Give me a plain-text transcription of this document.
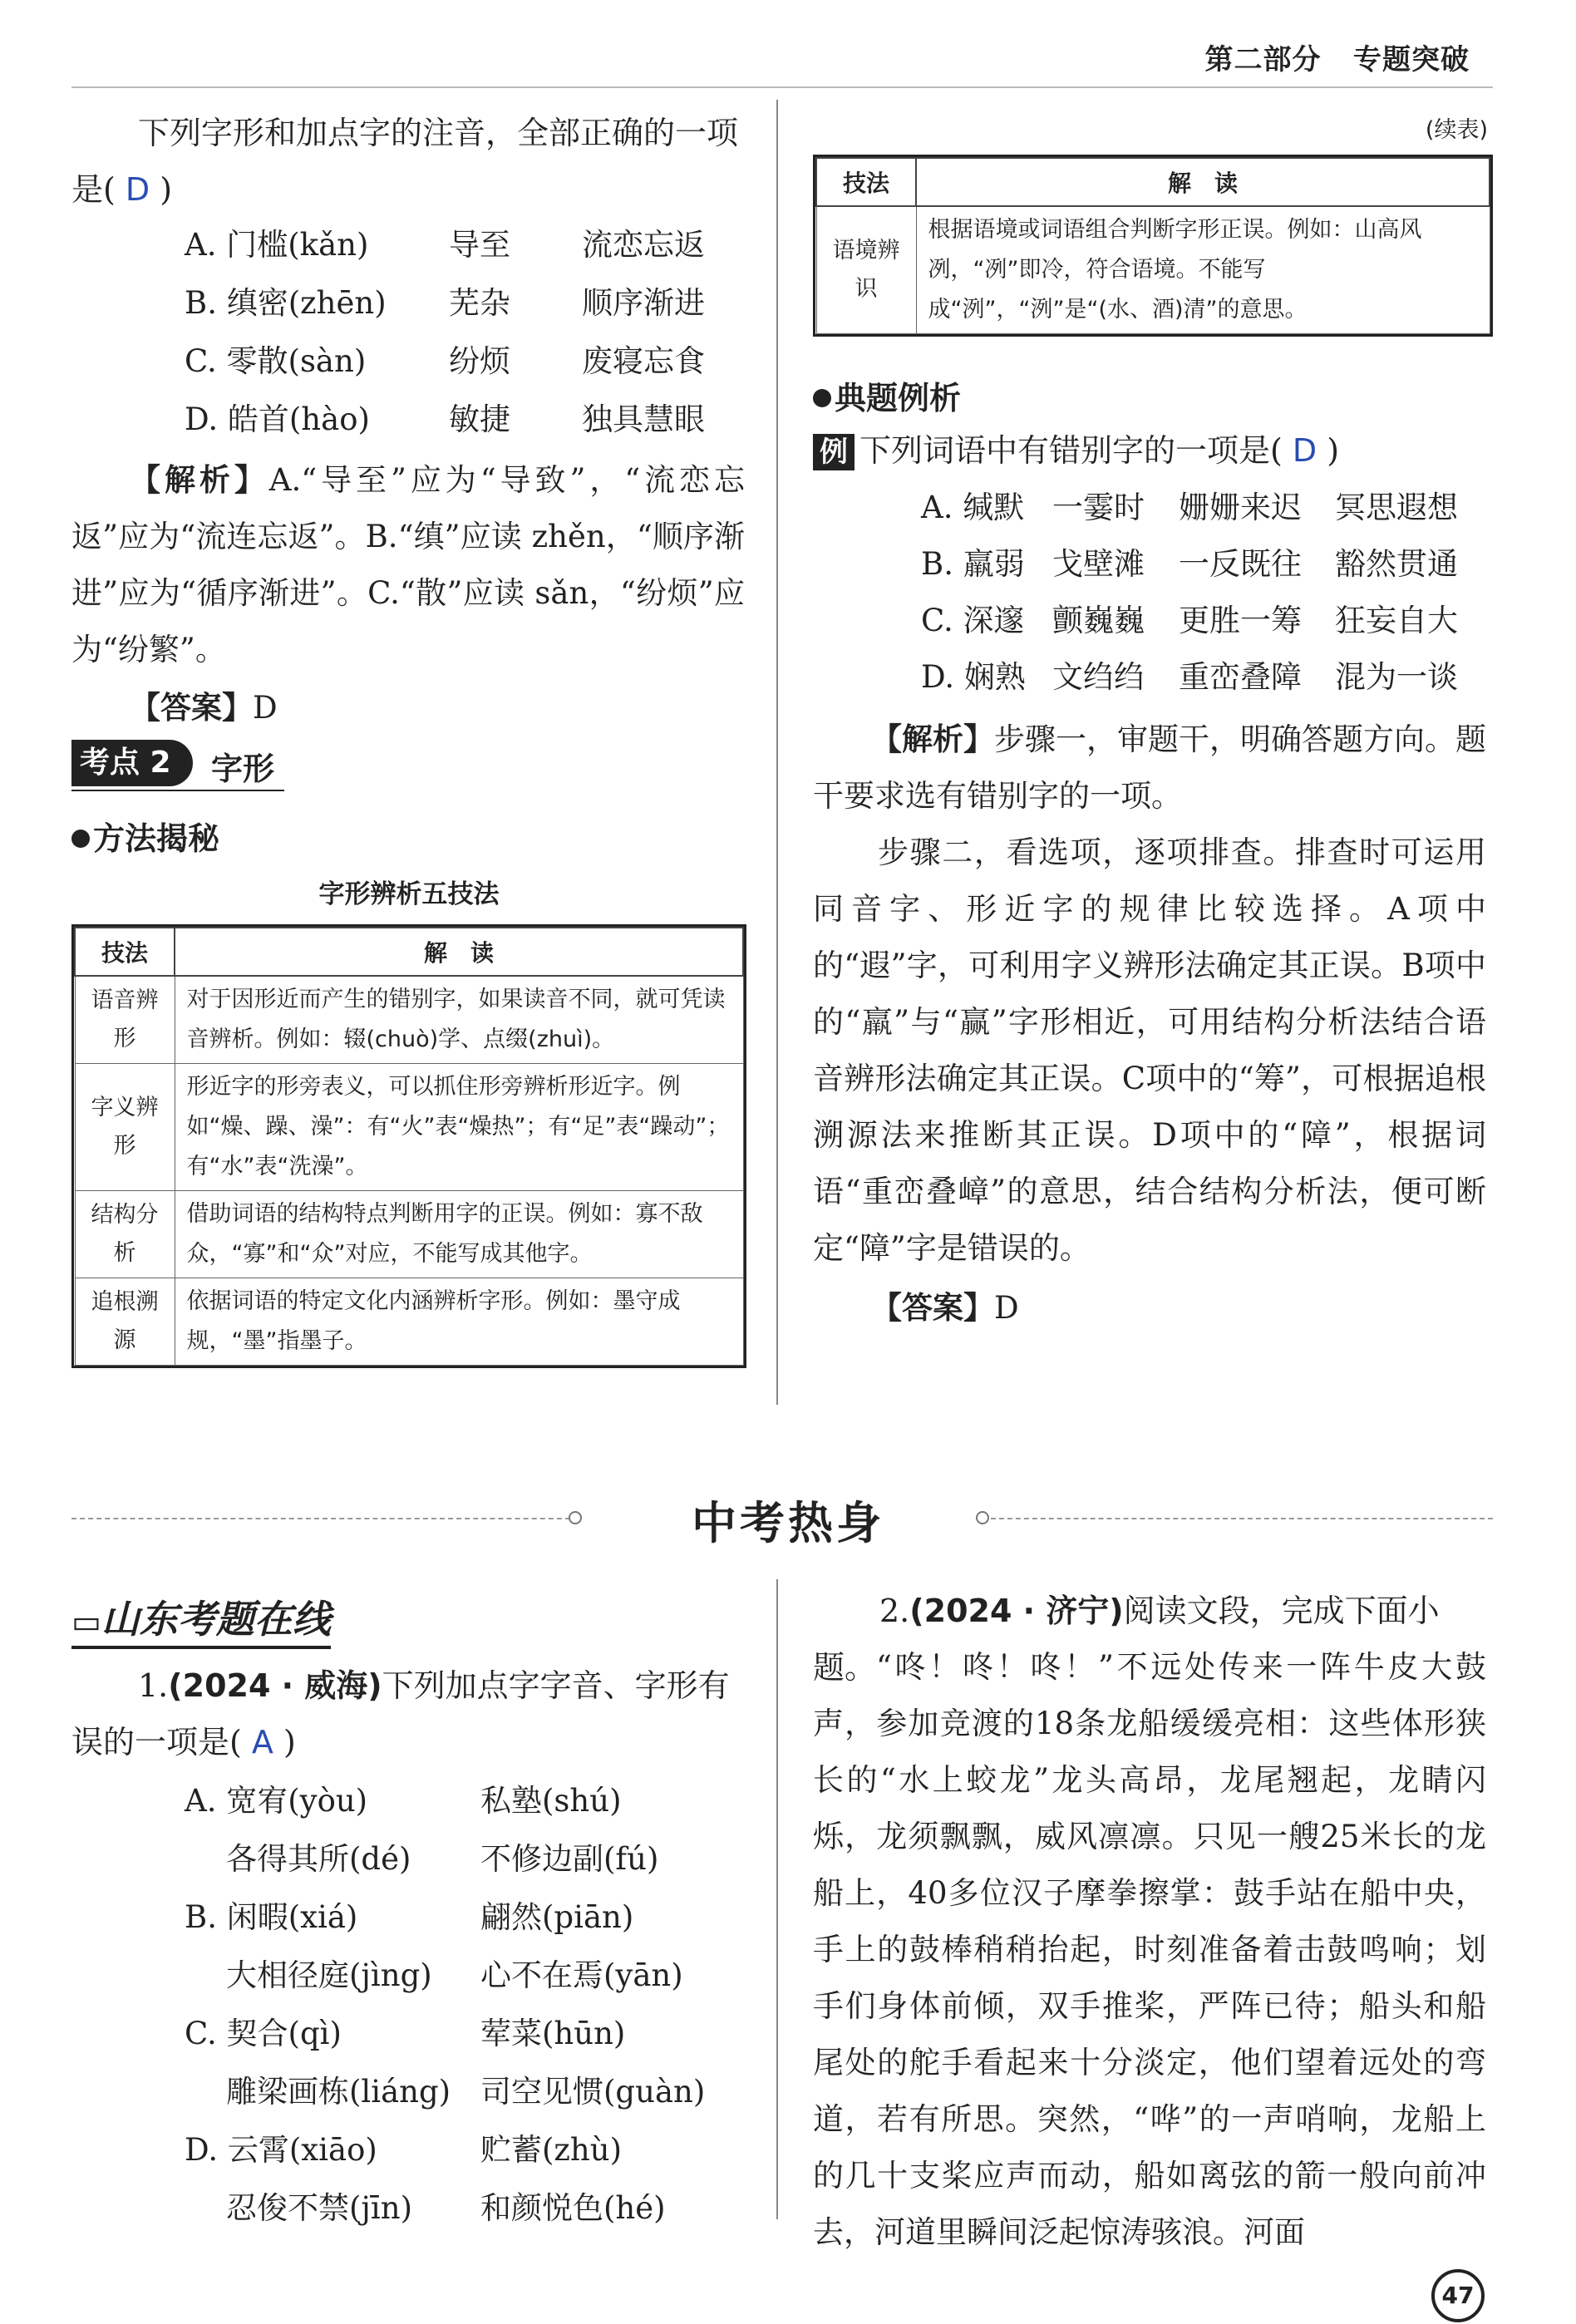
第二部分 专题突破
下列字形和加点字的注音，全部正确的一项是( D )
A. 门槛(kǎn)	导至 流恋忘返
B. 缜密(zhēn) 芜杂 顺序渐进
C. 零散(sàn)	纷烦 废寝忘食
D. 皓首(hào)	敏捷 独具慧眼
【解析】A.“导至”应为“导致”，“流恋忘返”应为“流连忘返”。B.“缜”应读 zhěn，“顺序渐进”应为“循序渐进”。C.“散”应读 sǎn，“纷烦”应为“纷繁”。
【答案】D
考点 2	字形
方法揭秘
字形辨析五技法
技法	解　读
语音辨形	对于因形近而产生的错别字，如果读音不同，就可凭读音辨析。例如：辍(chuò)学、点缀(zhuì)。
字义辨形	形近字的形旁表义，可以抓住形旁辨析形近字。例如“燥、躁、澡”：有“火”表“燥热”；有“足”表“躁动”；有“水”表“洗澡”。
结构分析	借助词语的结构特点判断用字的正误。例如：寡不敌众，“寡”和“众”对应，不能写成其他字。
追根溯源	依据词语的特定文化内涵辨析字形。例如：墨守成规，“墨”指墨子。
(续表)
技法	解　读
语境辨识	根据语境或词语组合判断字形正误。例如：山高风冽，“冽”即冷，符合语境。不能写成“洌”，“洌”是“(水、酒)清”的意思。
典题例析
例 下列词语中有错别字的一项是( D )
A. 缄默 一霎时 姗姗来迟 冥思遐想
B. 羸弱 戈壁滩 一反既往 豁然贯通
C. 深邃 颤巍巍 更胜一筹 狂妄自大
D. 娴熟 文绉绉 重峦叠障 混为一谈
【解析】步骤一，审题干，明确答题方向。题干要求选有错别字的一项。
步骤二，看选项，逐项排查。排查时可运用同音字、形近字的规律比较选择。A项中的“遐”字，可利用字义辨形法确定其正误。B项中的“羸”与“赢”字形相近，可用结构分析法结合语音辨形法确定其正误。C项中的“筹”，可根据追根溯源法来推断其正误。D项中的“障”，根据词语“重峦叠嶂”的意思，结合结构分析法，便可断定“障”字是错误的。
【答案】D
中考热身
▭山东考题在线
1.(2024 · 威海)下列加点字字音、字形有误的一项是( A )
A. 宽宥(yòu)	私塾(shú)
各得其所(dé) 不修边副(fú)
B. 闲暇(xiá)	翩然(piān)
大相径庭(jìng) 心不在焉(yān)
C. 契合(qì)	荤菜(hūn)
雕梁画栋(liáng) 司空见惯(guàn)
D. 云霄(xiāo)	贮蓄(zhù)
忍俊不禁(jīn) 和颜悦色(hé)
2.(2024 · 济宁)阅读文段，完成下面小题。 “咚！咚！咚！”不远处传来一阵牛皮大鼓声，参加竞渡的18条龙船缓缓亮相：这些体形狭长的“水上蛟龙”龙头高昂，龙尾翘起，龙睛闪烁，龙须飘飘，威风凛凛。只见一艘25米长的龙船上，40多位汉子摩拳擦掌：鼓手站在船中央，手上的鼓棒稍稍抬起，时刻准备着击鼓鸣响；划手们身体前倾，双手推桨，严阵已待；船头和船尾处的舵手看起来十分淡定，他们望着远处的弯道，若有所思。突然，“哗”的一声哨响，龙船上的几十支桨应声而动，船如离弦的箭一般向前冲去，河道里瞬间泛起惊涛骇浪。河面
47
